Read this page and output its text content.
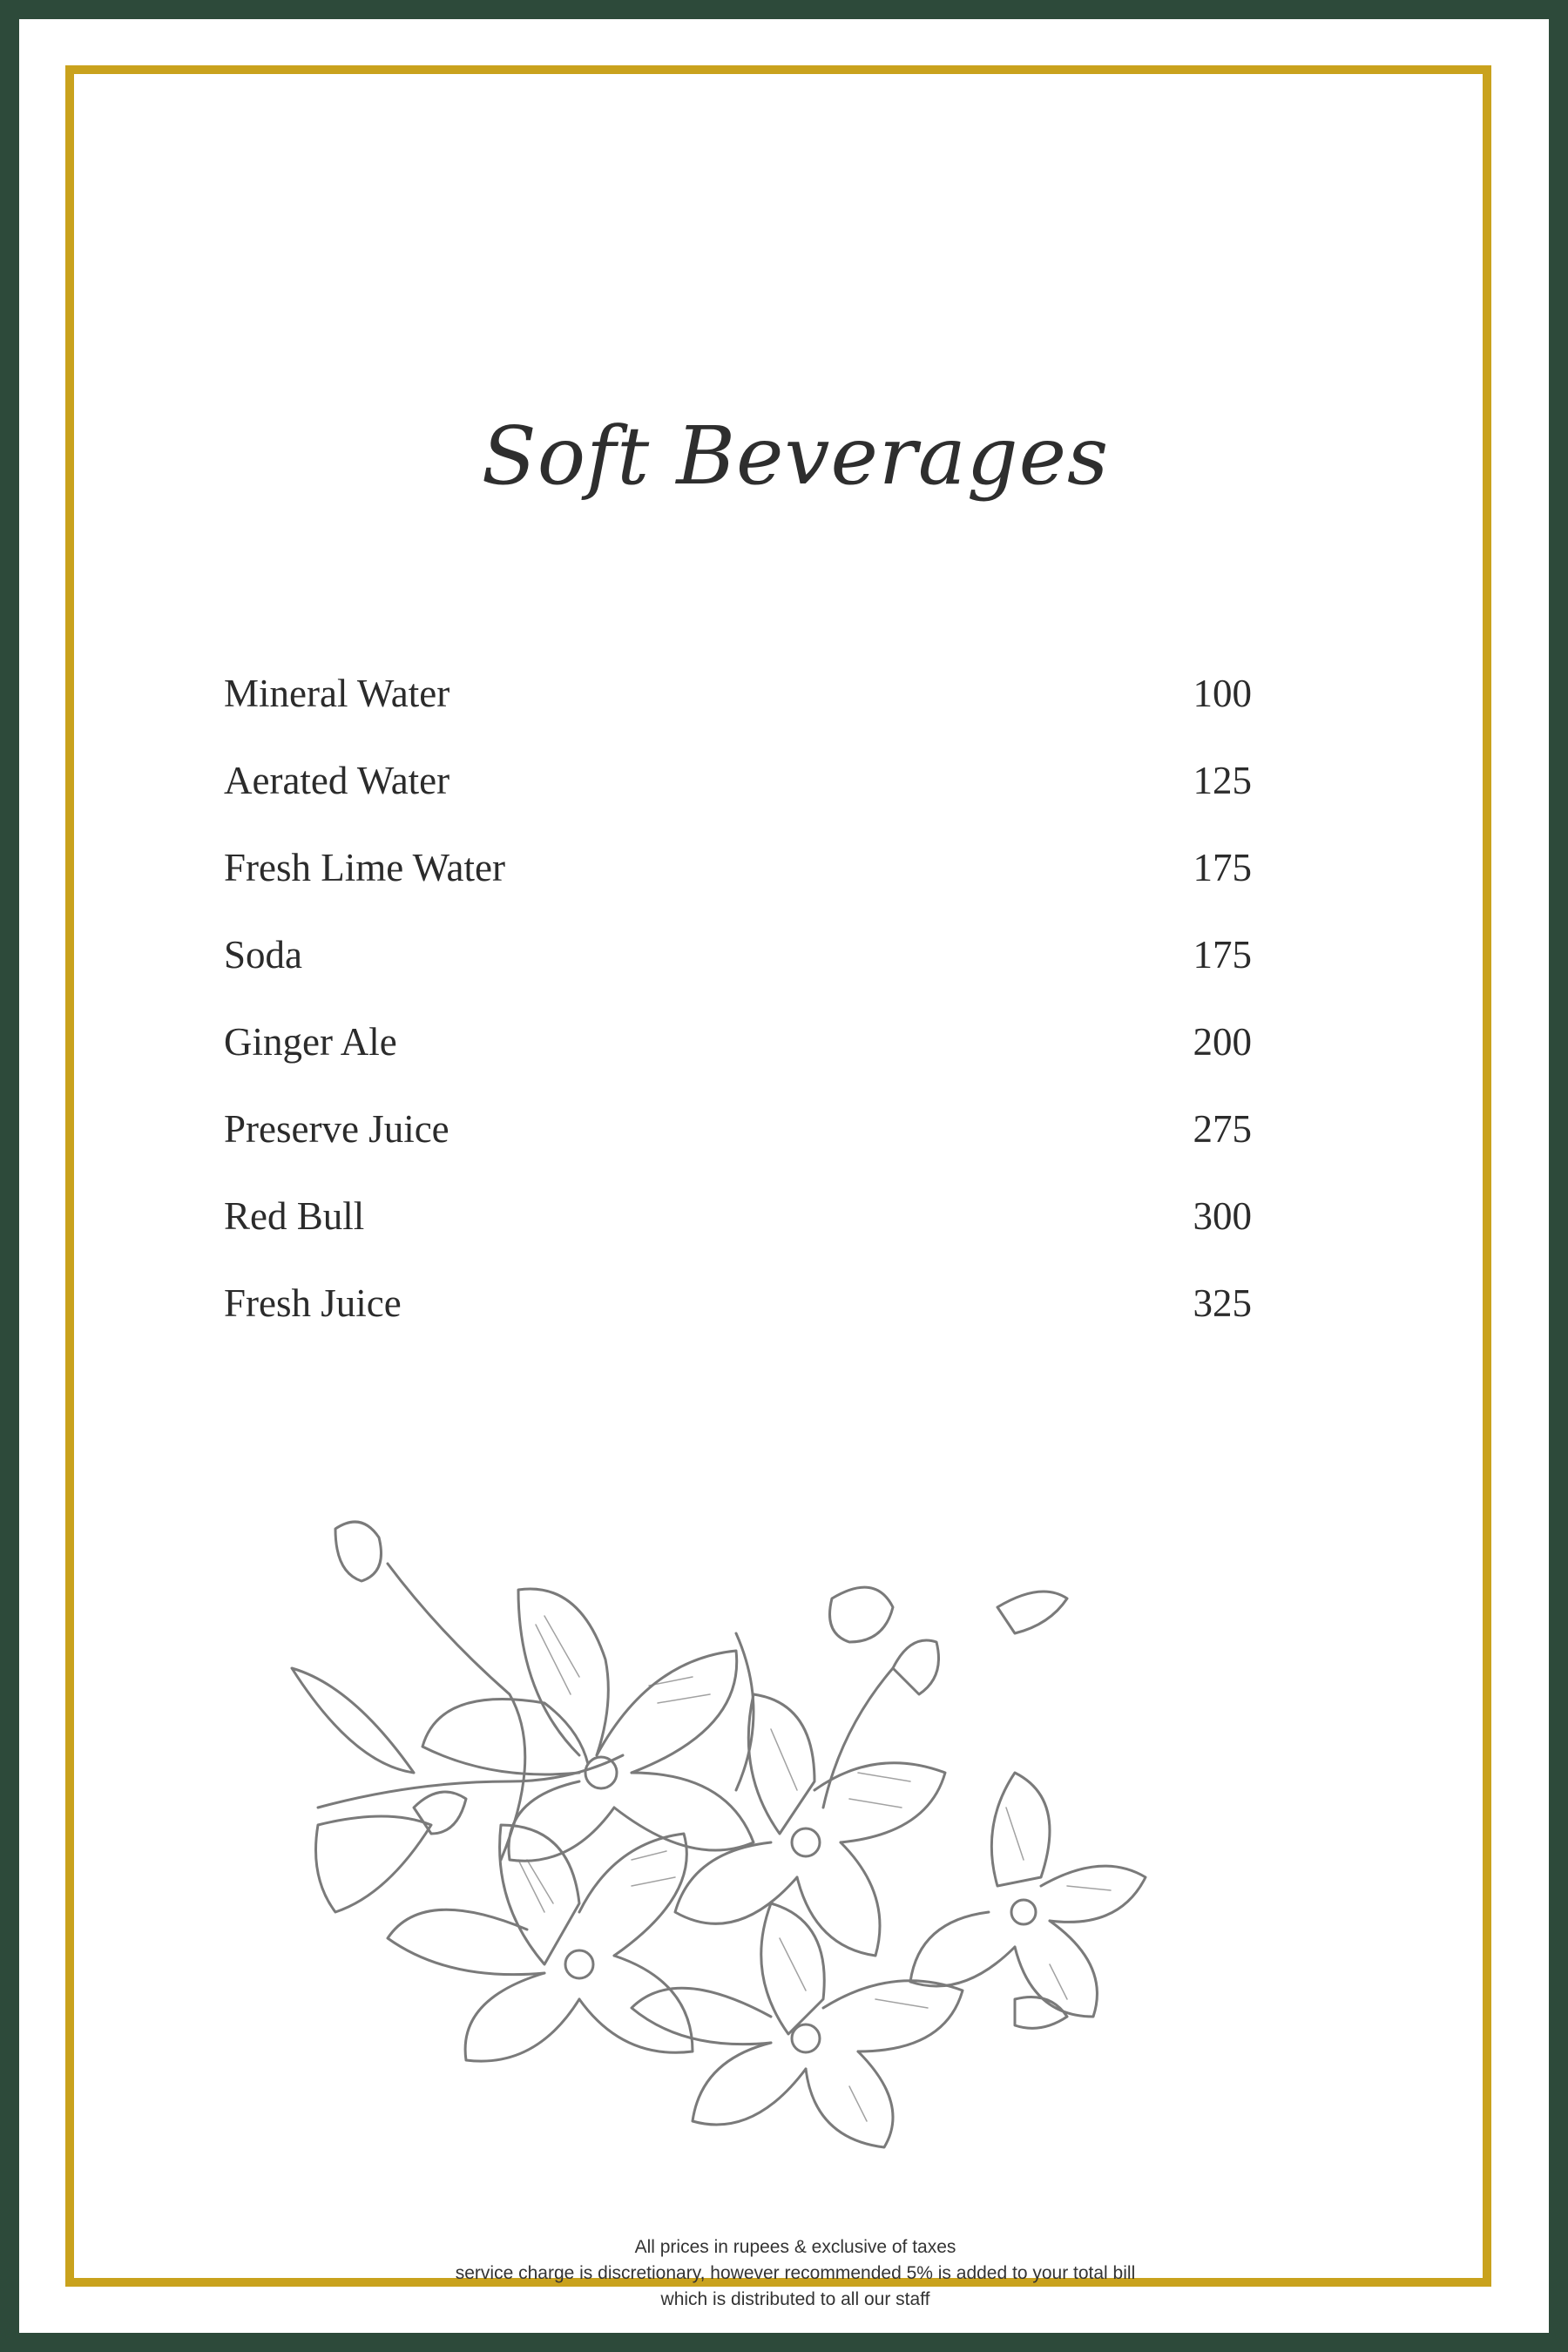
Soft Beverages
Mineral Water	100
Aerated Water	125
Fresh Lime Water	175
Soda	175
Ginger Ale	200
Preserve Juice	275
Red Bull	300
Fresh Juice	325
All prices in rupees & exclusive of taxes
service charge is discretionary, however recommended 5% is added to your total bill
which is distributed to all our staff
